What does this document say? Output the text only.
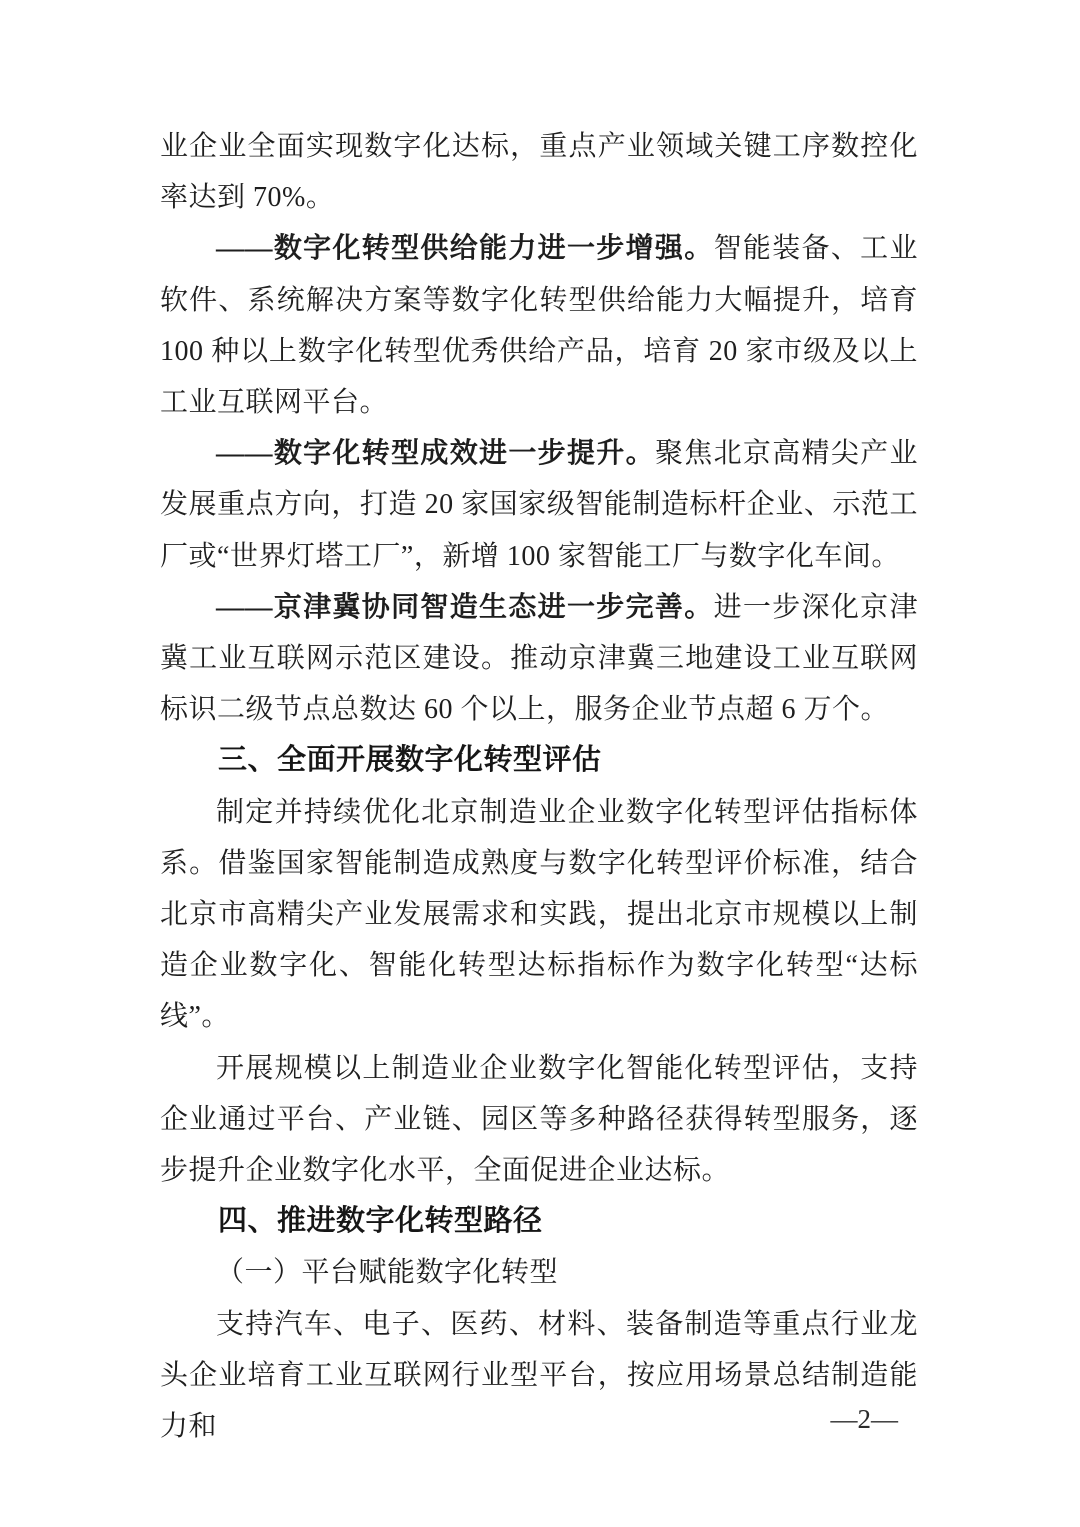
业企业全面实现数字化达标，重点产业领域关键工序数控化率达到 70%。

——数字化转型供给能力进一步增强。智能装备、工业软件、系统解决方案等数字化转型供给能力大幅提升，培育 100 种以上数字化转型优秀供给产品，培育 20 家市级及以上工业互联网平台。

——数字化转型成效进一步提升。聚焦北京高精尖产业发展重点方向，打造 20 家国家级智能制造标杆企业、示范工厂或“世界灯塔工厂”，新增 100 家智能工厂与数字化车间。

——京津冀协同智造生态进一步完善。进一步深化京津冀工业互联网示范区建设。推动京津冀三地建设工业互联网标识二级节点总数达 60 个以上，服务企业节点超 6 万个。

三、全面开展数字化转型评估

制定并持续优化北京制造业企业数字化转型评估指标体系。借鉴国家智能制造成熟度与数字化转型评价标准，结合北京市高精尖产业发展需求和实践，提出北京市规模以上制造企业数字化、智能化转型达标指标作为数字化转型“达标线”。

开展规模以上制造业企业数字化智能化转型评估，支持企业通过平台、产业链、园区等多种路径获得转型服务，逐步提升企业数字化水平，全面促进企业达标。

四、推进数字化转型路径
（一）平台赋能数字化转型

支持汽车、电子、医药、材料、装备制造等重点行业龙头企业培育工业互联网行业型平台，按应用场景总结制造能力和	—2—
